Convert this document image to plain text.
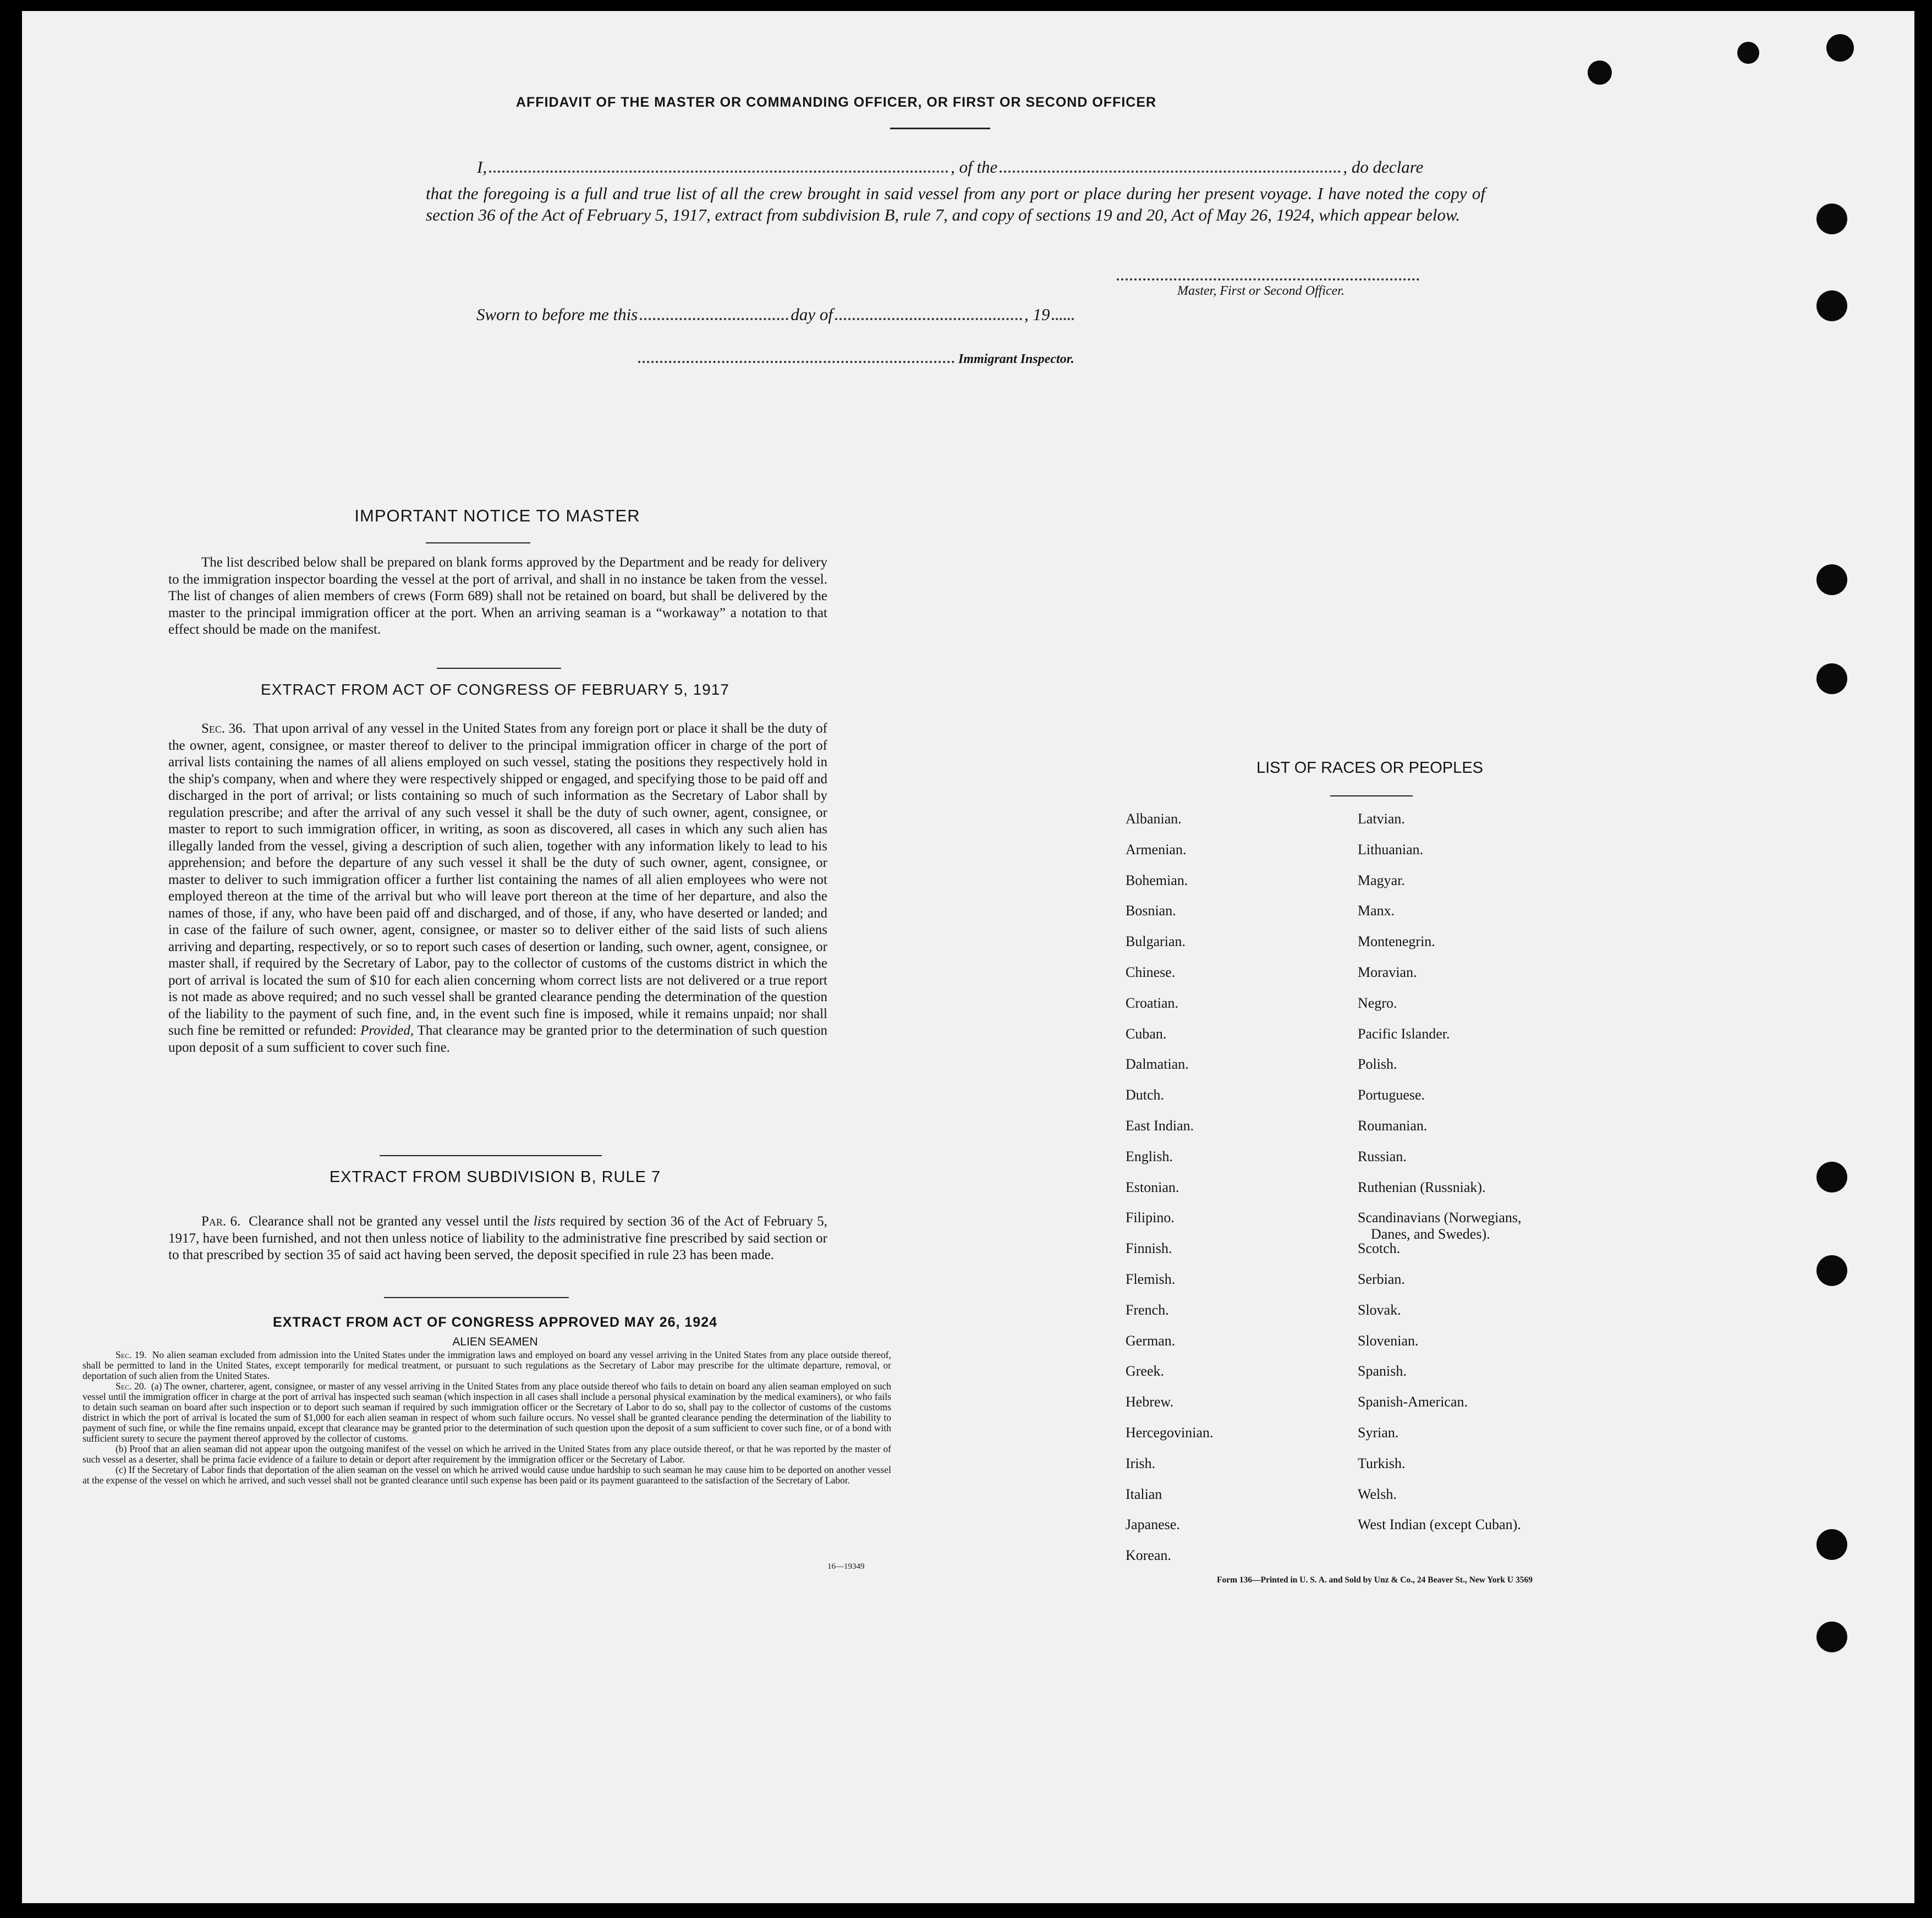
AFFIDAVIT OF THE MASTER OR COMMANDING OFFICER, OR FIRST OR SECOND OFFICER
I,	, of the	, do declare
that the foregoing is a full and true list of all the crew brought in said vessel from any port or place during her present voyage. I have noted the copy of section 36 of the Act of February 5, 1917, extract from subdivision B, rule 7, and copy of sections 19 and 20, Act of May 26, 1924, which appear below.
Master, First or Second Officer.
Sworn to before me this	day of	, 19
Immigrant Inspector.
IMPORTANT NOTICE TO MASTER
The list described below shall be prepared on blank forms approved by the Department and be ready for delivery to the immigration inspector boarding the vessel at the port of arrival, and shall in no instance be taken from the vessel. The list of changes of alien members of crews (Form 689) shall not be retained on board, but shall be delivered by the master to the principal immigration officer at the port. When an arriving seaman is a “workaway” a notation to that effect should be made on the manifest.
EXTRACT FROM ACT OF CONGRESS OF FEBRUARY 5, 1917
Sec. 36. That upon arrival of any vessel in the United States from any foreign port or place it shall be the duty of the owner, agent, consignee, or master thereof to deliver to the principal immigration officer in charge of the port of arrival lists containing the names of all aliens employed on such vessel, stating the positions they respectively hold in the ship's company, when and where they were respectively shipped or engaged, and specifying those to be paid off and discharged in the port of arrival; or lists containing so much of such information as the Secretary of Labor shall by regulation prescribe; and after the arrival of any such vessel it shall be the duty of such owner, agent, consignee, or master to report to such immigration officer, in writing, as soon as discovered, all cases in which any such alien has illegally landed from the vessel, giving a description of such alien, together with any information likely to lead to his apprehension; and before the departure of any such vessel it shall be the duty of such owner, agent, consignee, or master to deliver to such immigration officer a further list containing the names of all alien employees who were not employed thereon at the time of the arrival but who will leave port thereon at the time of her departure, and also the names of those, if any, who have been paid off and discharged, and of those, if any, who have deserted or landed; and in case of the failure of such owner, agent, consignee, or master so to deliver either of the said lists of such aliens arriving and departing, respectively, or so to report such cases of desertion or landing, such owner, agent, consignee, or master shall, if required by the Secretary of Labor, pay to the collector of customs of the customs district in which the port of arrival is located the sum of $10 for each alien concerning whom correct lists are not delivered or a true report is not made as above required; and no such vessel shall be granted clearance pending the determination of the question of the liability to the payment of such fine, and, in the event such fine is imposed, while it remains unpaid; nor shall such fine be remitted or refunded: Provided, That clearance may be granted prior to the determination of such question upon deposit of a sum sufficient to cover such fine.
EXTRACT FROM SUBDIVISION B, RULE 7
Par. 6. Clearance shall not be granted any vessel until the lists required by section 36 of the Act of February 5, 1917, have been furnished, and not then unless notice of liability to the administrative fine prescribed by said section or to that prescribed by section 35 of said act having been served, the deposit specified in rule 23 has been made.
EXTRACT FROM ACT OF CONGRESS APPROVED MAY 26, 1924
ALIEN SEAMEN
Sec. 19. No alien seaman excluded from admission into the United States under the immigration laws and employed on board any vessel arriving in the United States from any place outside thereof, shall be permitted to land in the United States, except temporarily for medical treatment, or pursuant to such regulations as the Secretary of Labor may prescribe for the ultimate departure, removal, or deportation of such alien from the United States.
Sec. 20. (a) The owner, charterer, agent, consignee, or master of any vessel arriving in the United States from any place outside thereof who fails to detain on board any alien seaman employed on such vessel until the immigration officer in charge at the port of arrival has inspected such seaman (which inspection in all cases shall include a personal physical examination by the medical examiners), or who fails to detain such seaman on board after such inspection or to deport such seaman if required by such immigration officer or the Secretary of Labor to do so, shall pay to the collector of customs of the customs district in which the port of arrival is located the sum of $1,000 for each alien seaman in respect of whom such failure occurs. No vessel shall be granted clearance pending the determination of the liability to payment of such fine, or while the fine remains unpaid, except that clearance may be granted prior to the determination of such question upon the deposit of a sum sufficient to cover such fine, or of a bond with sufficient surety to secure the payment thereof approved by the collector of customs.
(b) Proof that an alien seaman did not appear upon the outgoing manifest of the vessel on which he arrived in the United States from any place outside thereof, or that he was reported by the master of such vessel as a deserter, shall be prima facie evidence of a failure to detain or deport after requirement by the immigration officer or the Secretary of Labor.
(c) If the Secretary of Labor finds that deportation of the alien seaman on the vessel on which he arrived would cause undue hardship to such seaman he may cause him to be deported on another vessel at the expense of the vessel on which he arrived, and such vessel shall not be granted clearance until such expense has been paid or its payment guaranteed to the satisfaction of the Secretary of Labor.
16—19349
LIST OF RACES OR PEOPLES
Form 136—Printed in U. S. A. and Sold by Unz & Co., 24 Beaver St., New York U 3569
Albanian.
Armenian.
Bohemian.
Bosnian.
Bulgarian.
Chinese.
Croatian.
Cuban.
Dalmatian.
Dutch.
East Indian.
English.
Estonian.
Filipino.
Finnish.
Flemish.
French.
German.
Greek.
Hebrew.
Hercegovinian.
Irish.
Italian
Japanese.
Korean.
Latvian.
Lithuanian.
Magyar.
Manx.
Montenegrin.
Moravian.
Negro.
Pacific Islander.
Polish.
Portuguese.
Roumanian.
Russian.
Ruthenian (Russniak).
Scandinavians (Norwegians,
Danes, and Swedes).
Scotch.
Serbian.
Slovak.
Slovenian.
Spanish.
Spanish-American.
Syrian.
Turkish.
Welsh.
West Indian (except Cuban).
